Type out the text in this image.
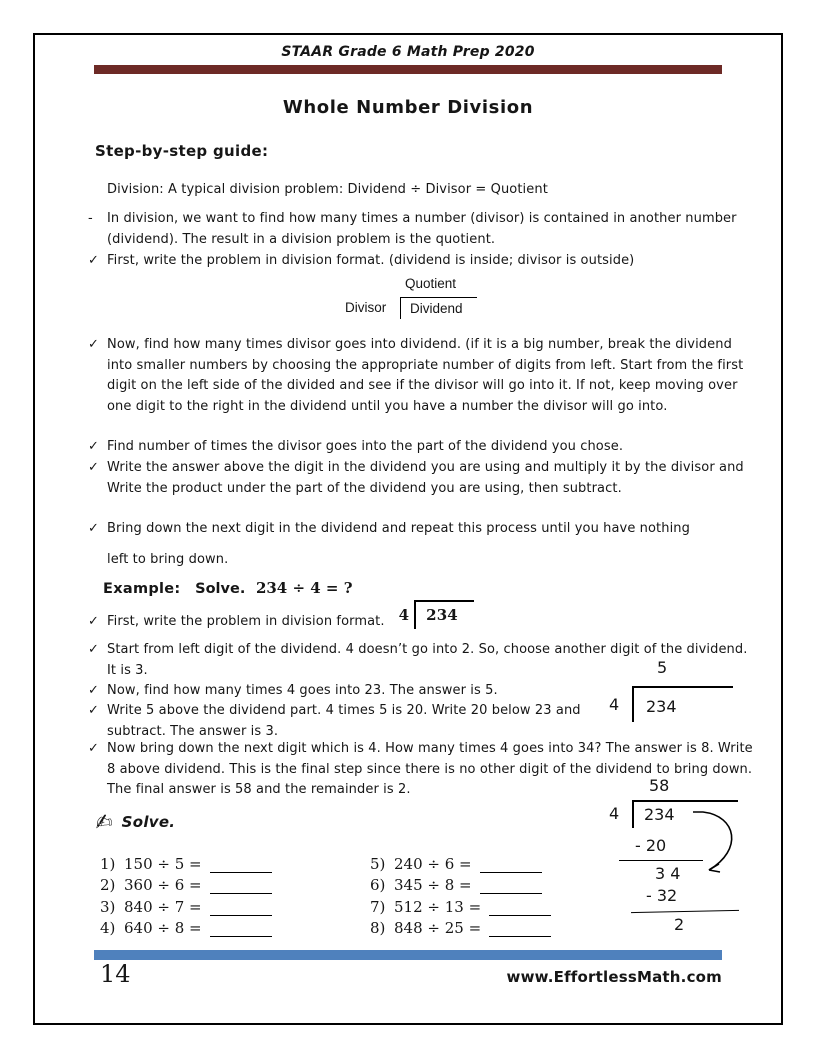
STAAR Grade 6 Math Prep 2020
Whole Number Division
Step-by-step guide:
Division: A typical division problem: Dividend ÷ Divisor = Quotient
-	In division, we want to find how many times a number (divisor) is contained in another number (dividend). The result in a division problem is the quotient.
✓ First, write the problem in division format. (dividend is inside; divisor is outside)
Quotient
Divisor	Dividend
✓ Now, find how many times divisor goes into dividend. (if it is a big number, break the dividend into smaller numbers by choosing the appropriate number of digits from left. Start from the first digit on the left side of the divided and see if the divisor will go into it. If not, keep moving over one digit to the right in the dividend until you have a number the divisor will go into.
✓ Find number of times the divisor goes into the part of the dividend you chose.
✓ Write the answer above the digit in the dividend you are using and multiply it by the divisor and Write the product under the part of the dividend you are using, then subtract.
✓ Bring down the next digit in the dividend and repeat this process until you have nothing
left to bring down.
Example: Solve. 234 ÷ 4 = ?
✓ First, write the problem in division format. 4 234
✓ Start from left digit of the dividend. 4 doesn’t go into 2. So, choose another digit of the dividend. It is 3.
✓ Now, find how many times 4 goes into 23. The answer is 5.
✓ Write 5 above the dividend part. 4 times 5 is 20. Write 20 below 23 and subtract. The answer is 3.
✓ Now bring down the next digit which is 4. How many times 4 goes into 34? The answer is 8. Write 8 above dividend. This is the final step since there is no other digit of the dividend to bring down. The final answer is 58 and the remainder is 2.
5
4 234
58
4 234
- 20
3 4
- 32
2
✍ Solve.
1) 150 ÷ 5 =
2) 360 ÷ 6 =
3) 840 ÷ 7 =
4) 640 ÷ 8 =
5) 240 ÷ 6 =
6) 345 ÷ 8 =
7) 512 ÷ 13 =
8) 848 ÷ 25 =
14	www.EffortlessMath.com
